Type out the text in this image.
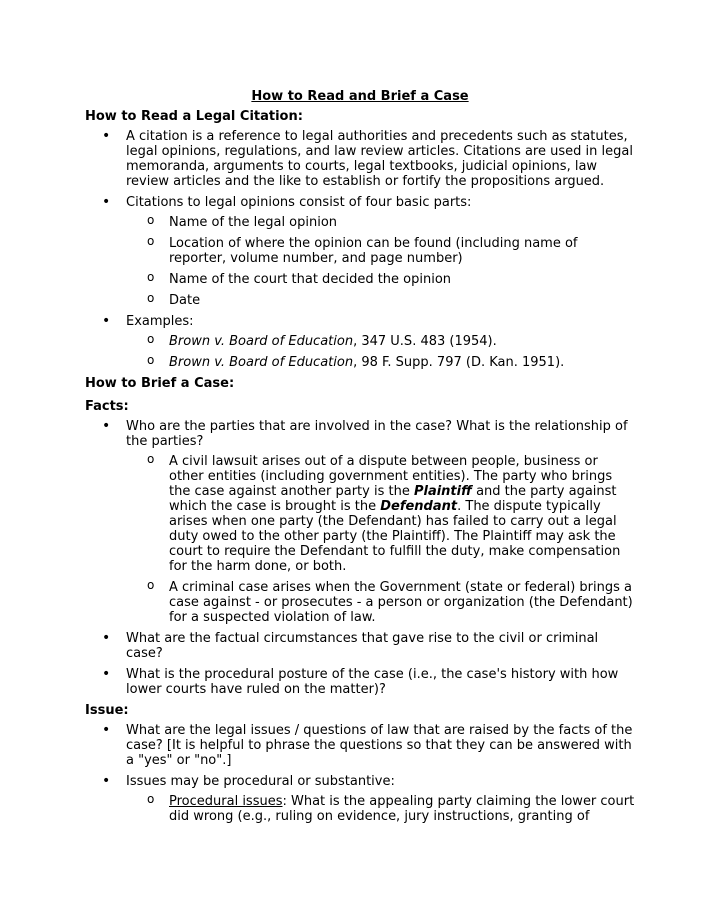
How to Read and Brief a Case

How to Read a Legal Citation:

• A citation is a reference to legal authorities and precedents such as statutes, legal opinions, regulations, and law review articles. Citations are used in legal memoranda, arguments to courts, legal textbooks, judicial opinions, law review articles and the like to establish or fortify the propositions argued.
• Citations to legal opinions consist of four basic parts:
o Name of the legal opinion
o Location of where the opinion can be found (including name of reporter, volume number, and page number)
o Name of the court that decided the opinion
o Date
• Examples:
o Brown v. Board of Education, 347 U.S. 483 (1954).
o Brown v. Board of Education, 98 F. Supp. 797 (D. Kan. 1951).

How to Brief a Case:

Facts:

• Who are the parties that are involved in the case? What is the relationship of the parties?
o A civil lawsuit arises out of a dispute between people, business or other entities (including government entities). The party who brings the case against another party is the Plaintiff and the party against which the case is brought is the Defendant. The dispute typically arises when one party (the Defendant) has failed to carry out a legal duty owed to the other party (the Plaintiff). The Plaintiff may ask the court to require the Defendant to fulfill the duty, make compensation for the harm done, or both.
o A criminal case arises when the Government (state or federal) brings a case against - or prosecutes - a person or organization (the Defendant) for a suspected violation of law.
• What are the factual circumstances that gave rise to the civil or criminal case?
• What is the procedural posture of the case (i.e., the case's history with how lower courts have ruled on the matter)?

Issue:

• What are the legal issues / questions of law that are raised by the facts of the case? [It is helpful to phrase the questions so that they can be answered with a "yes" or "no".]
• Issues may be procedural or substantive:
o Procedural issues: What is the appealing party claiming the lower court did wrong (e.g., ruling on evidence, jury instructions, granting of
